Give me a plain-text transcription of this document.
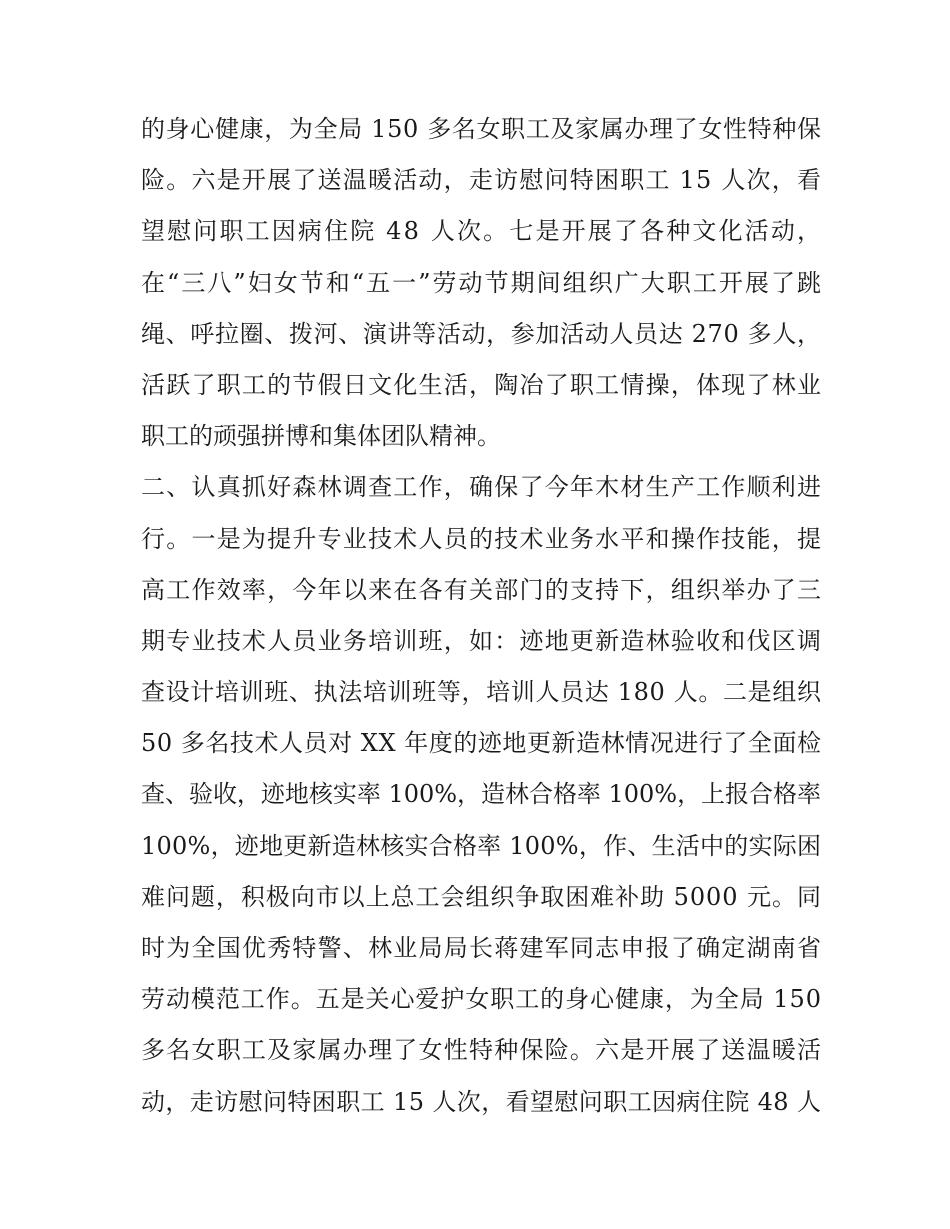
的身心健康，为全局 150 多名女职工及家属办理了女性特种保
险。六是开展了送温暖活动，走访慰问特困职工 15 人次，看
望慰问职工因病住院 48 人次。七是开展了各种文化活动，
在“三八”妇女节和“五一”劳动节期间组织广大职工开展了跳
绳、呼拉圈、拨河、演讲等活动，参加活动人员达 270 多人，
活跃了职工的节假日文化生活，陶冶了职工情操，体现了林业
职工的顽强拼博和集体团队精神。
二、认真抓好森林调查工作，确保了今年木材生产工作顺利进
行。一是为提升专业技术人员的技术业务水平和操作技能，提
高工作效率，今年以来在各有关部门的支持下，组织举办了三
期专业技术人员业务培训班，如：迹地更新造林验收和伐区调
查设计培训班、执法培训班等，培训人员达 180 人。二是组织
50 多名技术人员对 XX 年度的迹地更新造林情况进行了全面检
查、验收，迹地核实率 100%，造林合格率 100%，上报合格率
100%，迹地更新造林核实合格率 100%，作、生活中的实际困
难问题，积极向市以上总工会组织争取困难补助 5000 元。同
时为全国优秀特警、林业局局长蒋建军同志申报了确定湖南省
劳动模范工作。五是关心爱护女职工的身心健康，为全局 150
多名女职工及家属办理了女性特种保险。六是开展了送温暖活
动，走访慰问特困职工 15 人次，看望慰问职工因病住院 48 人
